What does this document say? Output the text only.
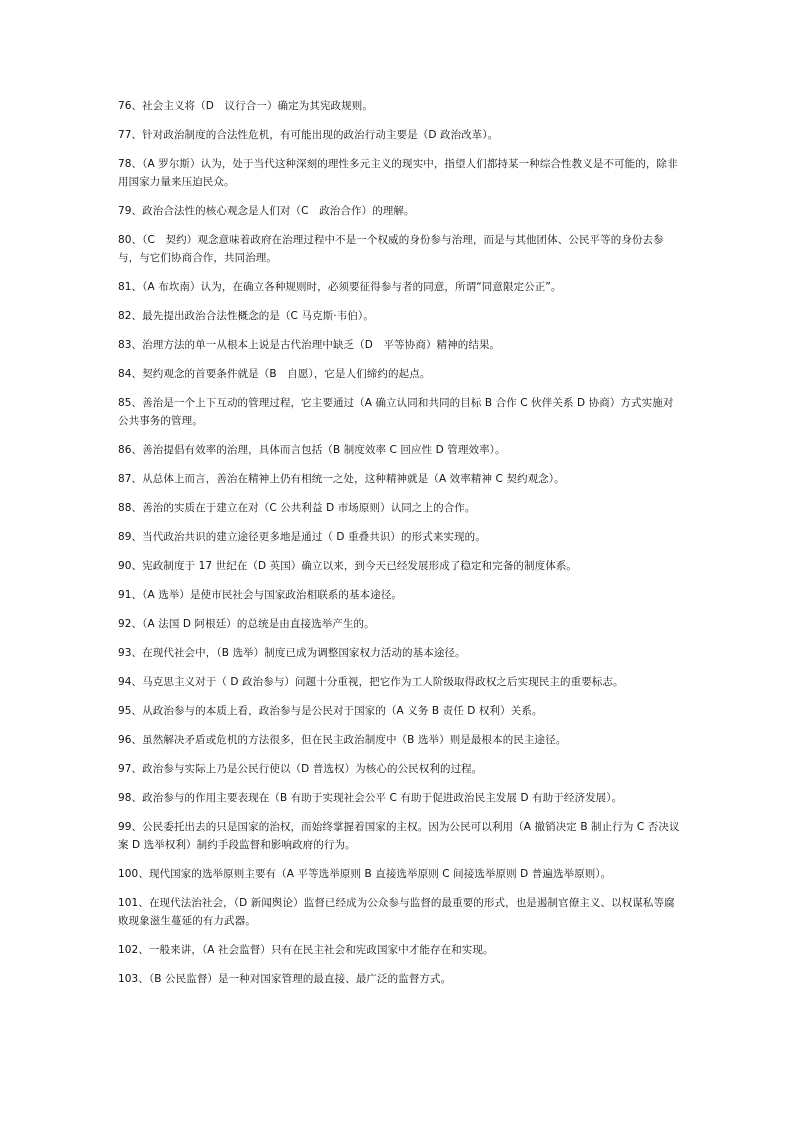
76、社会主义将（D　议行合一）确定为其宪政规则。

77、针对政治制度的合法性危机，有可能出现的政治行动主要是（D 政治改革）。

78、（A 罗尔斯）认为，处于当代这种深刻的理性多元主义的现实中，指望人们都持某一种综合性教义是不可能的，除非用国家力量来压迫民众。

79、政治合法性的核心观念是人们对（C　政治合作）的理解。

80、（C　契约）观念意味着政府在治理过程中不是一个权威的身份参与治理，而是与其他团体、公民平等的身份去参与，与它们协商合作，共同治理。

81、（A 布坎南）认为，在确立各种规则时，必须要征得参与者的同意，所谓“同意限定公正”。

82、最先提出政治合法性概念的是（C 马克斯·韦伯）。

83、治理方法的单一从根本上说是古代治理中缺乏（D　平等协商）精神的结果。

84、契约观念的首要条件就是（B　自愿），它是人们缔约的起点。

85、善治是一个上下互动的管理过程，它主要通过（A 确立认同和共同的目标 B 合作 C 伙伴关系 D 协商）方式实施对公共事务的管理。

86、善治提倡有效率的治理，具体而言包括（B 制度效率 C 回应性 D 管理效率）。

87、从总体上而言，善治在精神上仍有相统一之处，这种精神就是（A 效率精神 C 契约观念）。

88、善治的实质在于建立在对（C 公共利益 D 市场原则）认同之上的合作。

89、当代政治共识的建立途径更多地是通过（ D 重叠共识）的形式来实现的。

90、宪政制度于 17 世纪在（D 英国）确立以来，到今天已经发展形成了稳定和完备的制度体系。

91、（A 选举）是使市民社会与国家政治相联系的基本途径。

92、（A 法国 D 阿根廷）的总统是由直接选举产生的。

93、在现代社会中，（B 选举）制度已成为调整国家权力活动的基本途径。

94、马克思主义对于（ D 政治参与）问题十分重视，把它作为工人阶级取得政权之后实现民主的重要标志。

95、从政治参与的本质上看，政治参与是公民对于国家的（A 义务 B 责任 D 权利）关系。

96、虽然解决矛盾或危机的方法很多，但在民主政治制度中（B 选举）则是最根本的民主途径。

97、政治参与实际上乃是公民行使以（D 普选权）为核心的公民权利的过程。

98、政治参与的作用主要表现在（B 有助于实现社会公平 C 有助于促进政治民主发展 D 有助于经济发展）。

99、公民委托出去的只是国家的治权，而始终掌握着国家的主权。因为公民可以利用（A 撤销决定 B 制止行为 C 否决议案 D 选举权利）制约手段监督和影响政府的行为。

100、现代国家的选举原则主要有（A 平等选举原则 B 直接选举原则 C 间接选举原则 D 普遍选举原则）。

101、在现代法治社会，（D 新闻舆论）监督已经成为公众参与监督的最重要的形式，也是遏制官僚主义、以权谋私等腐败现象滋生蔓延的有力武器。

102、一般来讲，（A 社会监督）只有在民主社会和宪政国家中才能存在和实现。

103、（B 公民监督）是一种对国家管理的最直接、最广泛的监督方式。
